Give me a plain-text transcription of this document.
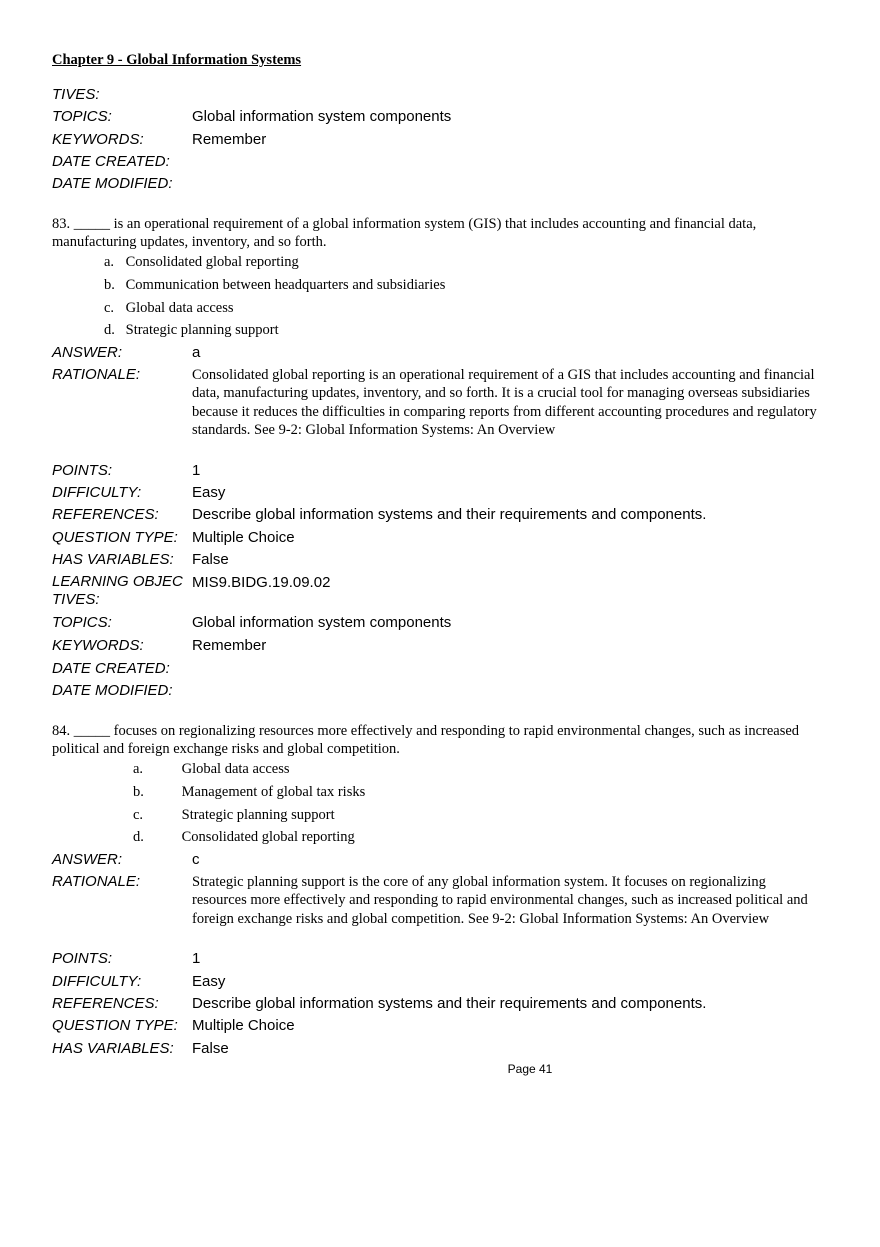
Chapter 9 - Global Information Systems
TIVES:
TOPICS:	Global information system components
KEYWORDS:	Remember
DATE CREATED:
DATE MODIFIED:

83. _____ is an operational requirement of a global information system (GIS) that includes accounting and financial data, manufacturing updates, inventory, and so forth.

a. Consolidated global reporting
b. Communication between headquarters and subsidiaries
c. Global data access
d. Strategic planning support
ANSWER:	a
RATIONALE:	Consolidated global reporting is an operational requirement of a GIS that includes accounting and financial data, manufacturing updates, inventory, and so forth. It is a crucial tool for managing overseas subsidiaries because it reduces the difficulties in comparing reports from different accounting procedures and regulatory standards. See 9-2: Global Information Systems: An Overview
POINTS:	1
DIFFICULTY:	Easy
REFERENCES: Describe global information systems and their requirements and components.
QUESTION TYPE: Multiple Choice
HAS VARIABLES: False
LEARNING OBJECTIVES:
MIS9.BIDG.19.09.02
TOPICS:	Global information system components
KEYWORDS:	Remember
DATE CREATED:
DATE MODIFIED:

84. _____ focuses on regionalizing resources more effectively and responding to rapid environmental changes, such as increased political and foreign exchange risks and global competition.

a.	Global data access
b.	Management of global tax risks
c.	Strategic planning support
d.	Consolidated global reporting
ANSWER:	c
RATIONALE:	Strategic planning support is the core of any global information system. It focuses on regionalizing resources more effectively and responding to rapid environmental changes, such as increased political and foreign exchange risks and global competition. See 9-2: Global Information Systems: An Overview
POINTS:	1
DIFFICULTY:	Easy
REFERENCES: Describe global information systems and their requirements and components.
QUESTION TYPE: Multiple Choice
HAS VARIABLES: False
Page 41
